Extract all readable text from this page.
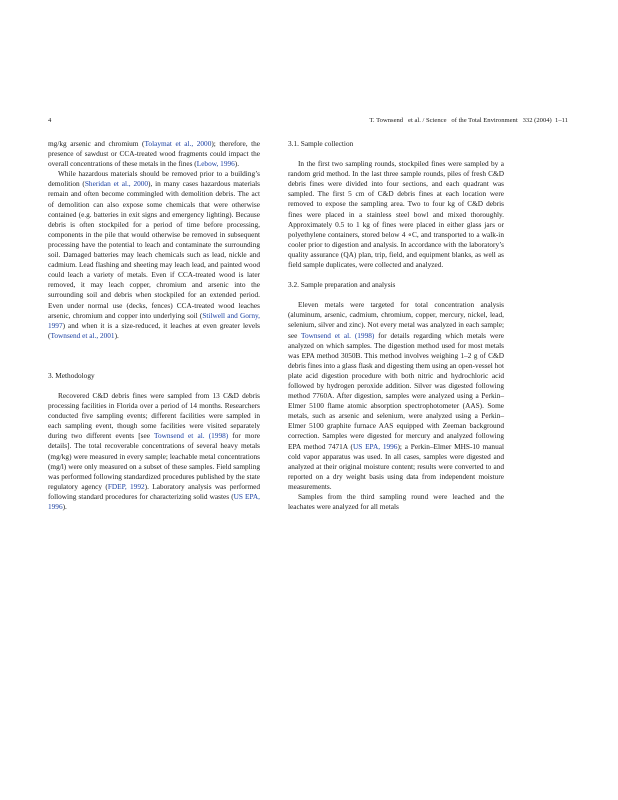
4	T. Townsend   et al. / Science   of the Total Environment   332 (2004)  1–11

mg/kg arsenic and chromium (Tolaymat et al., 2000); therefore, the presence of sawdust or CCA-treated wood fragments could impact the overall concentrations of these metals in the fines (Lebow, 1996).

While hazardous materials should be removed prior to a building’s demolition (Sheridan et al., 2000), in many cases hazardous materials remain and often become commingled with demolition debris. The act of demolition can also expose some chemicals that were otherwise contained (e.g. batteries in exit signs and emergency lighting). Because debris is often stockpiled for a period of time before processing, components in the pile that would otherwise be removed in subsequent processing have the potential to leach and contaminate the surrounding soil. Damaged batteries may leach chemicals such as lead, nickle and cadmium. Lead flashing and sheeting may leach lead, and painted wood could leach a variety of metals. Even if CCA-treated wood is later removed, it may leach copper, chromium and arsenic into the surrounding soil and debris when stockpiled for an extended period. Even under normal use (decks, fences) CCA-treated wood leaches arsenic, chromium and copper into underlying soil (Stilwell and Gorny, 1997) and when it is a size-reduced, it leaches at even greater levels (Townsend et al., 2001).

3. Methodology

Recovered C&D debris fines were sampled from 13 C&D debris processing facilities in Florida over a period of 14 months. Researchers conducted five sampling events; different facilities were sampled in each sampling event, though some facilities were visited separately during two different events [see Townsend et al. (1998) for more details]. The total recoverable concentrations of several heavy metals (mg/kg) were measured in every sample; leachable metal concentrations (mg/l) were only measured on a subset of these samples. Field sampling was performed following standardized procedures published by the state regulatory agency (FDEP, 1992). Laboratory analysis was performed following standard procedures for characterizing solid wastes (US EPA, 1996).

3.1. Sample collection

In the first two sampling rounds, stockpiled fines were sampled by a random grid method. In the last three sample rounds, piles of fresh C&D debris fines were divided into four sections, and each quadrant was sampled. The first 5 cm of C&D debris fines at each location were removed to expose the sampling area. Two to four kg of C&D debris fines were placed in a stainless steel bowl and mixed thoroughly. Approximately 0.5 to 1 kg of fines were placed in either glass jars or polyethylene containers, stored below 4 ∘C, and transported to a walk-in cooler prior to digestion and analysis. In accordance with the laboratory’s quality assurance (QA) plan, trip, field, and equipment blanks, as well as field sample duplicates, were collected and analyzed.

3.2. Sample preparation and analysis

Eleven metals were targeted for total concentration analysis (aluminum, arsenic, cadmium, chromium, copper, mercury, nickel, lead, selenium, silver and zinc). Not every metal was analyzed in each sample; see Townsend et al. (1998) for details regarding which metals were analyzed on which samples. The digestion method used for most metals was EPA method 3050B. This method involves weighing 1–2 g of C&D debris fines into a glass flask and digesting them using an open-vessel hot plate acid digestion procedure with both nitric and hydrochloric acid followed by hydrogen peroxide addition. Silver was digested following method 7760A. After digestion, samples were analyzed using a Perkin–Elmer 5100 flame atomic absorption spectrophotometer (AAS). Some metals, such as arsenic and selenium, were analyzed using a Perkin–Elmer 5100 graphite furnace AAS equipped with Zeeman background correction. Samples were digested for mercury and analyzed following EPA method 7471A (US EPA, 1996); a Perkin–Elmer MHS-10 manual cold vapor apparatus was used. In all cases, samples were digested and analyzed at their original moisture content; results were converted to and reported on a dry weight basis using data from independent moisture measurements.

Samples from the third sampling round were leached and the leachates were analyzed for all metals
